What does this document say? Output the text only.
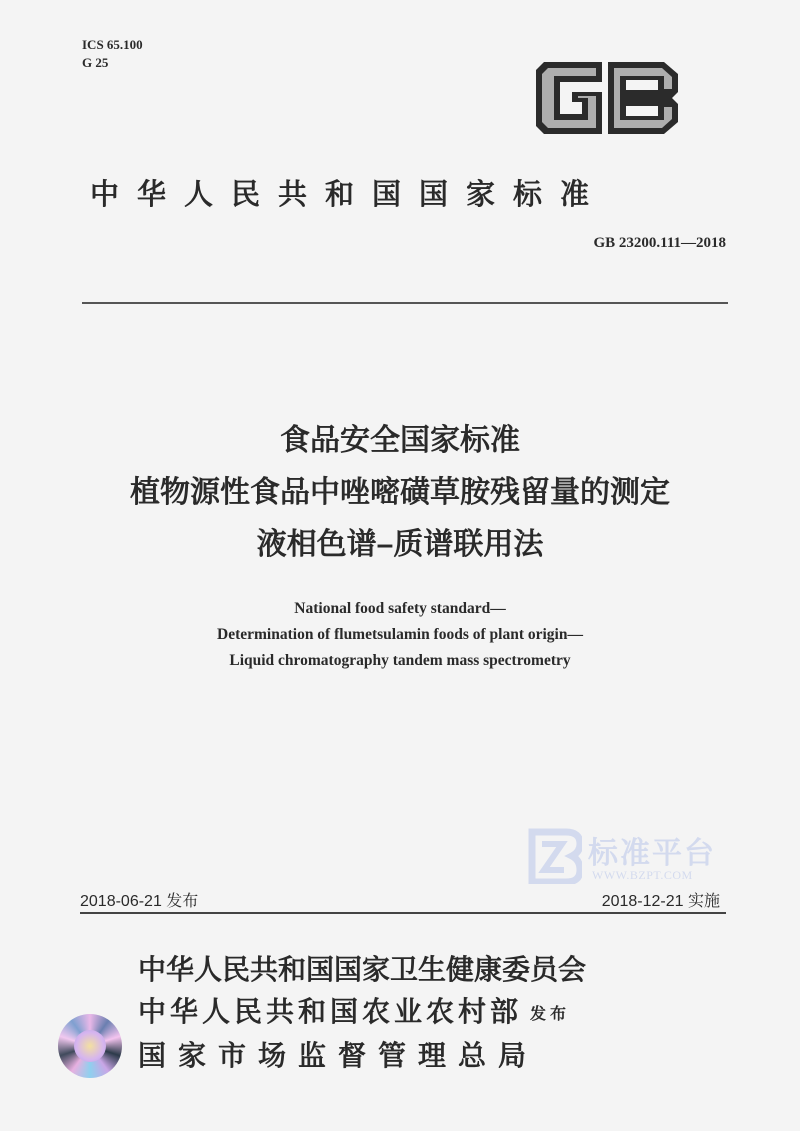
ICS 65.100
G 25
中华人民共和国国家标准
GB 23200.111—2018
食品安全国家标准
植物源性食品中唑嘧磺草胺残留量的测定
液相色谱–质谱联用法
National food safety standard—
Determination of flumetsulamin foods of plant origin—
Liquid chromatography tandem mass spectrometry
标准平台
WWW.BZPT.COM
2018-06-21 发布	2018-12-21 实施
中华人民共和国国家卫生健康委员会
中华人民共和国农业农村部 发布
国家市场监督管理总局
